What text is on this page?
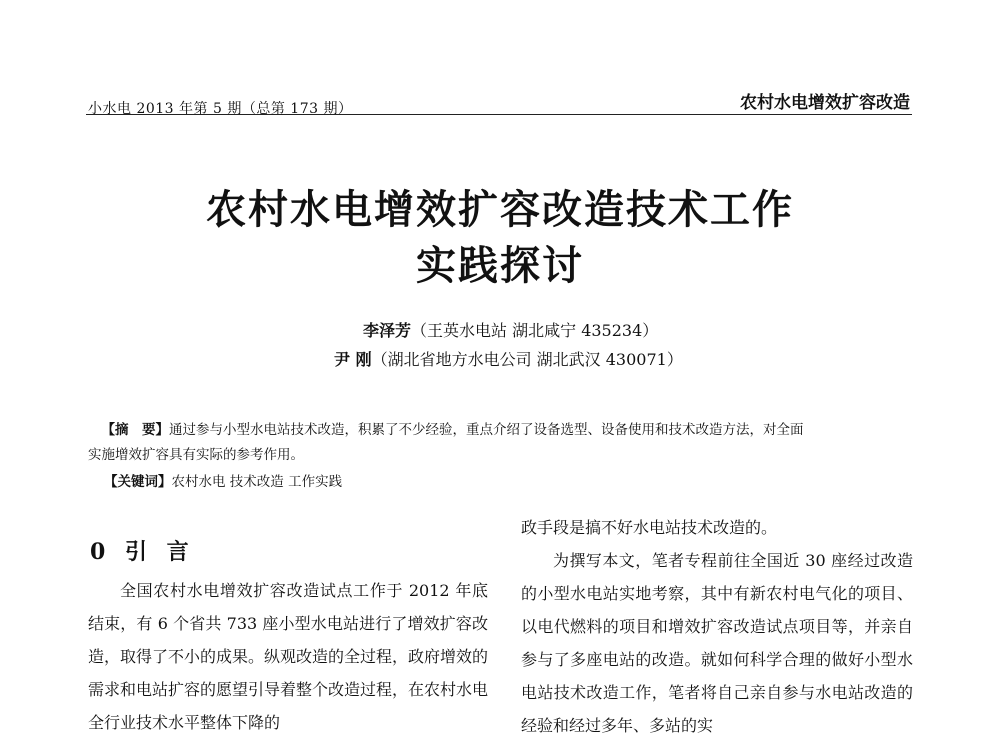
小水电 2013 年第 5 期（总第 173 期）	农村水电增效扩容改造
农村水电增效扩容改造技术工作
实践探讨
李泽芳（王英水电站 湖北咸宁 435234）
尹 刚（湖北省地方水电公司 湖北武汉 430071）

【摘　要】通过参与小型水电站技术改造，积累了不少经验，重点介绍了设备选型、设备使用和技术改造方法，对全面

实施增效扩容具有实际的参考作用。

【关键词】农村水电 技术改造 工作实践
0 引 言

全国农村水电增效扩容改造试点工作于 2012 年底结束，有 6 个省共 733 座小型水电站进行了增效扩容改造，取得了不小的成果。纵观改造的全过程，政府增效的需求和电站扩容的愿望引导着整个改造过程，在农村水电全行业技术水平整体下降的

政手段是搞不好水电站技术改造的。

为撰写本文，笔者专程前往全国近 30 座经过改造的小型水电站实地考察，其中有新农村电气化的项目、以电代燃料的项目和增效扩容改造试点项目等，并亲自参与了多座电站的改造。就如何科学合理的做好小型水电站技术改造工作，笔者将自己亲自参与水电站改造的经验和经过多年、多站的实
